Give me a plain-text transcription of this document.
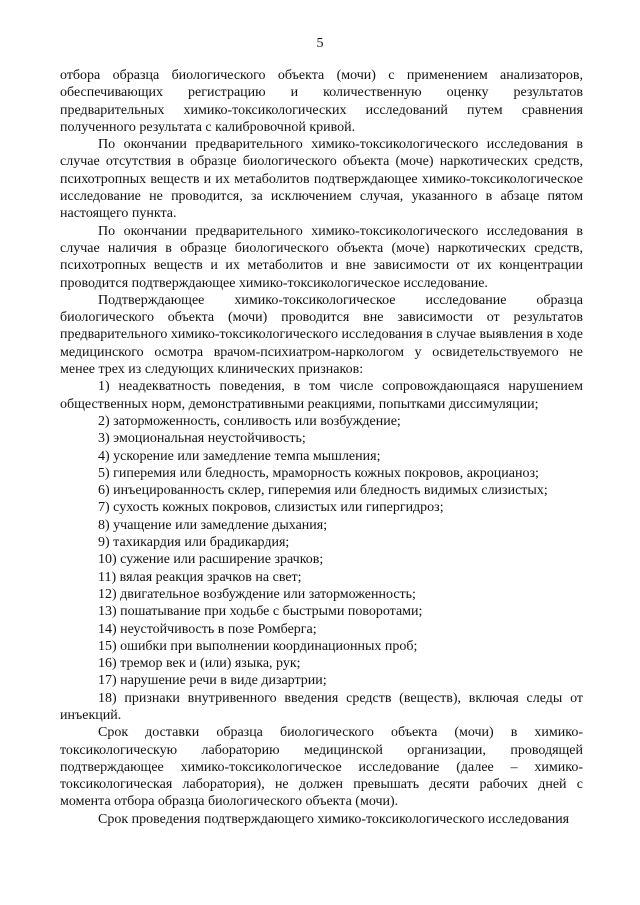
5

отбора образца биологического объекта (мочи) с применением анализаторов, обеспечивающих регистрацию и количественную оценку результатов предварительных химико-токсикологических исследований путем сравнения полученного результата с калибровочной кривой.

По окончании предварительного химико-токсикологического исследования в случае отсутствия в образце биологического объекта (моче) наркотических средств, психотропных веществ и их метаболитов подтверждающее химико-токсикологическое исследование не проводится, за исключением случая, указанного в абзаце пятом настоящего пункта.

По окончании предварительного химико-токсикологического исследования в случае наличия в образце биологического объекта (моче) наркотических средств, психотропных веществ и их метаболитов и вне зависимости от их концентрации проводится подтверждающее химико-токсикологическое исследование.

Подтверждающее химико-токсикологическое исследование образца биологического объекта (мочи) проводится вне зависимости от результатов предварительного химико-токсикологического исследования в случае выявления в ходе медицинского осмотра врачом-психиатром-наркологом у освидетельствуемого не менее трех из следующих клинических признаков:

1) неадекватность поведения, в том числе сопровождающаяся нарушением общественных норм, демонстративными реакциями, попытками диссимуляции;

2) заторможенность, сонливость или возбуждение;

3) эмоциональная неустойчивость;

4) ускорение или замедление темпа мышления;

5) гиперемия или бледность, мраморность кожных покровов, акроцианоз;

6) инъецированность склер, гиперемия или бледность видимых слизистых;

7) сухость кожных покровов, слизистых или гипергидроз;

8) учащение или замедление дыхания;

9) тахикардия или брадикардия;

10) сужение или расширение зрачков;

11) вялая реакция зрачков на свет;

12) двигательное возбуждение или заторможенность;

13) пошатывание при ходьбе с быстрыми поворотами;

14) неустойчивость в позе Ромберга;

15) ошибки при выполнении координационных проб;

16) тремор век и (или) языка, рук;

17) нарушение речи в виде дизартрии;

18) признаки внутривенного введения средств (веществ), включая следы от инъекций.

Срок доставки образца биологического объекта (мочи) в химико-токсикологическую лабораторию медицинской организации, проводящей подтверждающее химико-токсикологическое исследование (далее – химико-токсикологическая лаборатория), не должен превышать десяти рабочих дней с момента отбора образца биологического объекта (мочи).

Срок проведения подтверждающего химико-токсикологического исследования
